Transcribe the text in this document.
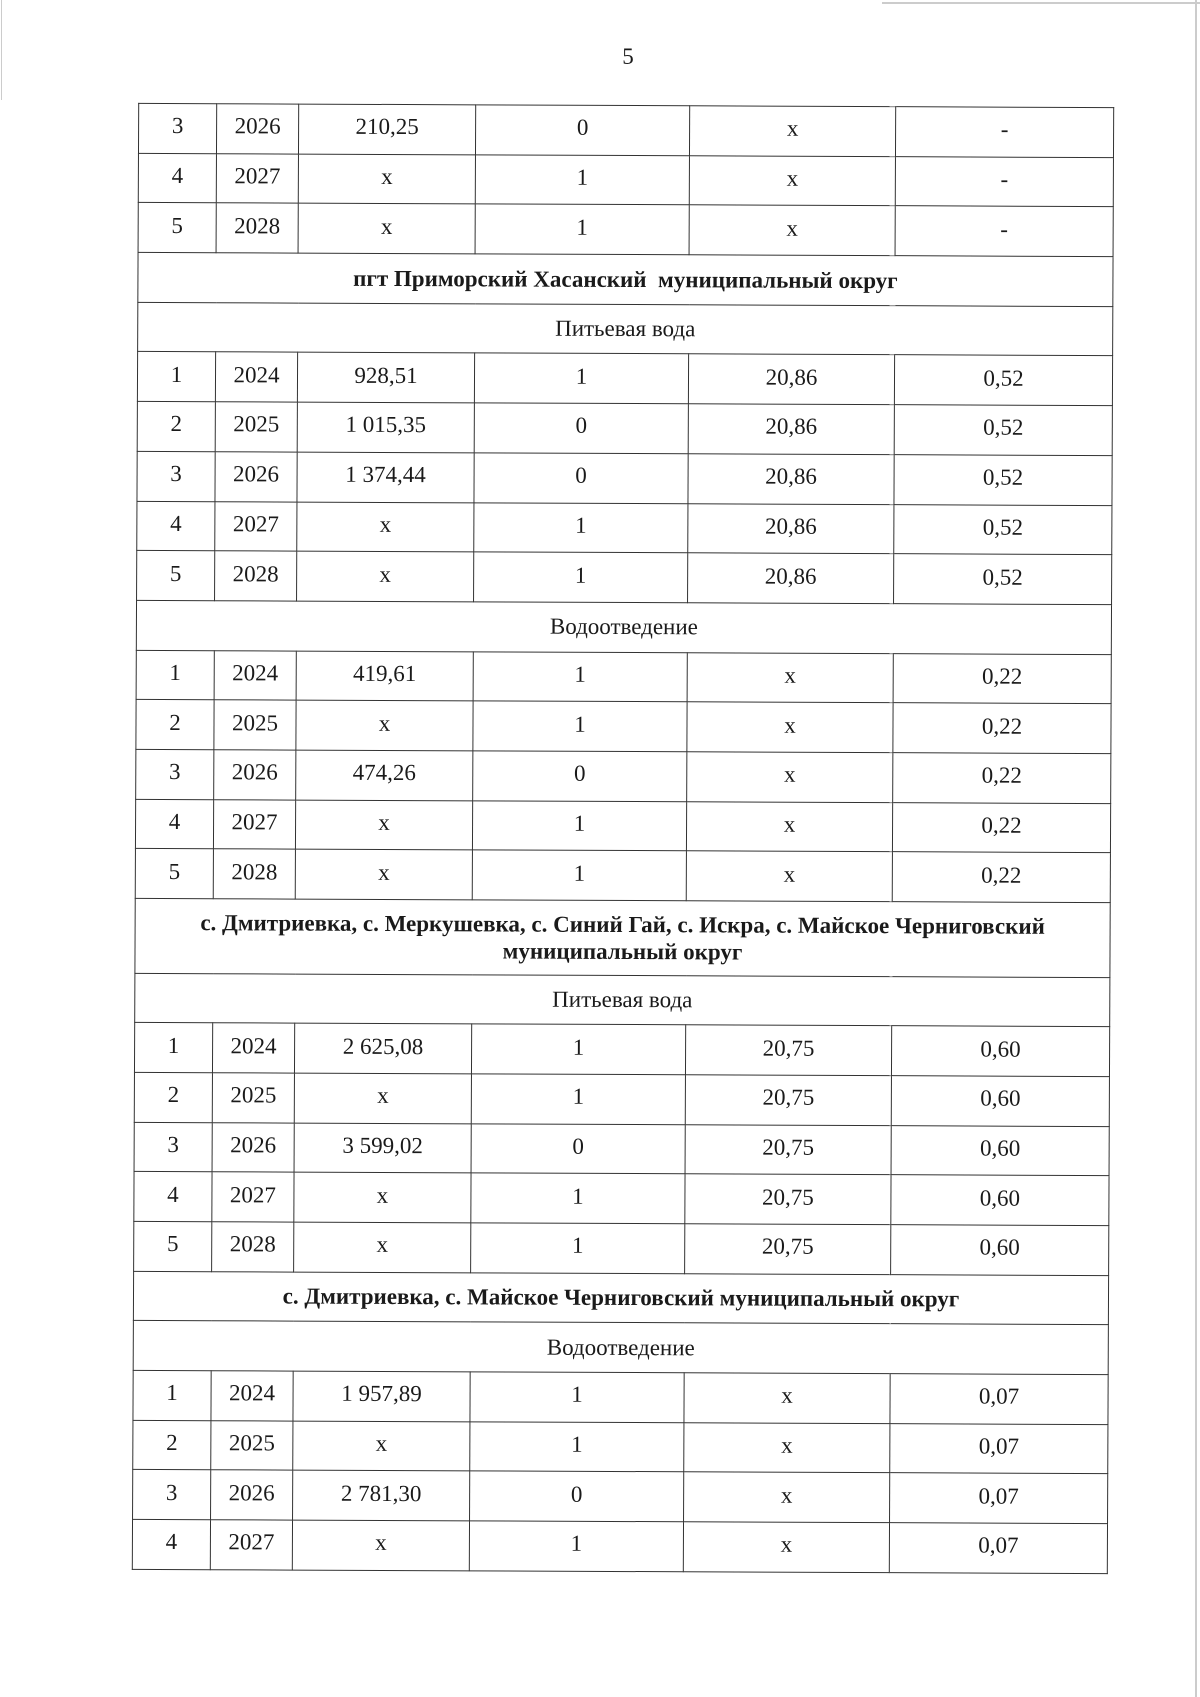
5
3	2026	210,25	0	х	-
4	2027	х	1	х	-
5	2028	х	1	х	-

пгт Приморский Хасанский  муниципальный округ					

Питьевая вода					
1	2024	928,51	1	20,86	0,52
2	2025	1 015,35	0	20,86	0,52
3	2026	1 374,44	0	20,86	0,52
4	2027	х	1	20,86	0,52
5	2028	х	1	20,86	0,52
Водоотведение					
1	2024	419,61	1	х	0,22
2	2025	х	1	х	0,22
3	2026	474,26	0	х	0,22
4	2027	х	1	х	0,22
5	2028	х	1	х	0,22

с. Дмитриевка, с. Меркушевка, с. Синий Гай, с. Искра, с. Майское Черниговский
муниципальный округ					

Питьевая вода					
1	2024	2 625,08	1	20,75	0,60
2	2025	х	1	20,75	0,60
3	2026	3 599,02	0	20,75	0,60
4	2027	х	1	20,75	0,60
5	2028	х	1	20,75	0,60

с. Дмитриевка, с. Майское Черниговский муниципальный округ					

Водоотведение					
1	2024	1 957,89	1	х	0,07
2	2025	х	1	х	0,07
3	2026	2 781,30	0	х	0,07
4	2027	х	1	х	0,07
